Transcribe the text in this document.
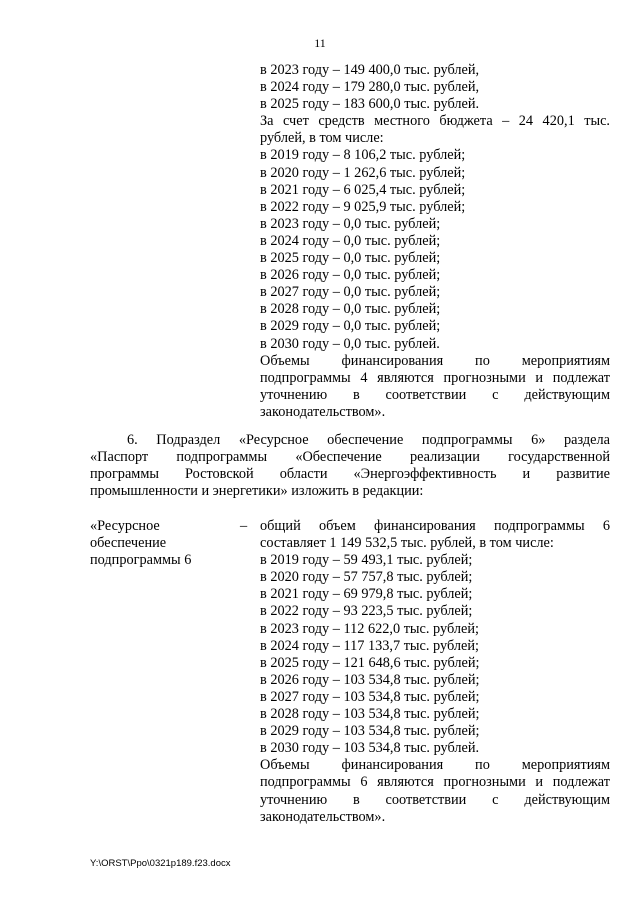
11
в 2023 году – 149 400,0 тыс. рублей,
в 2024 году – 179 280,0 тыс. рублей,
в 2025 году – 183 600,0 тыс. рублей.
За счет средств местного бюджета – 24 420,1 тыс.
рублей, в том числе:
в 2019 году – 8 106,2 тыс. рублей;
в 2020 году – 1 262,6 тыс. рублей;
в 2021 году – 6 025,4 тыс. рублей;
в 2022 году – 9 025,9 тыс. рублей;
в 2023 году – 0,0 тыс. рублей;
в 2024 году – 0,0 тыс. рублей;
в 2025 году – 0,0 тыс. рублей;
в 2026 году – 0,0 тыс. рублей;
в 2027 году – 0,0 тыс. рублей;
в 2028 году – 0,0 тыс. рублей;
в 2029 году – 0,0 тыс. рублей;
в 2030 году – 0,0 тыс. рублей.
Объемы финансирования по мероприятиям
подпрограммы 4 являются прогнозными и подлежат
уточнению в соответствии с действующим
законодательством».
6. Подраздел «Ресурсное обеспечение подпрограммы 6» раздела
«Паспорт подпрограммы «Обеспечение реализации государственной
программы Ростовской области «Энергоэффективность и развитие
промышленности и энергетики» изложить в редакции:
«Ресурсное
обеспечение
подпрограммы 6
– общий объем финансирования подпрограммы 6
составляет 1 149 532,5 тыс. рублей, в том числе:
в 2019 году – 59 493,1 тыс. рублей;
в 2020 году – 57 757,8 тыс. рублей;
в 2021 году – 69 979,8 тыс. рублей;
в 2022 году – 93 223,5 тыс. рублей;
в 2023 году – 112 622,0 тыс. рублей;
в 2024 году – 117 133,7 тыс. рублей;
в 2025 году – 121 648,6 тыс. рублей;
в 2026 году – 103 534,8 тыс. рублей;
в 2027 году – 103 534,8 тыс. рублей;
в 2028 году – 103 534,8 тыс. рублей;
в 2029 году – 103 534,8 тыс. рублей;
в 2030 году – 103 534,8 тыс. рублей.
Объемы финансирования по мероприятиям
подпрограммы 6 являются прогнозными и подлежат
уточнению в соответствии с действующим
законодательством».
Y:\ORST\Ppo\0321p189.f23.docx
